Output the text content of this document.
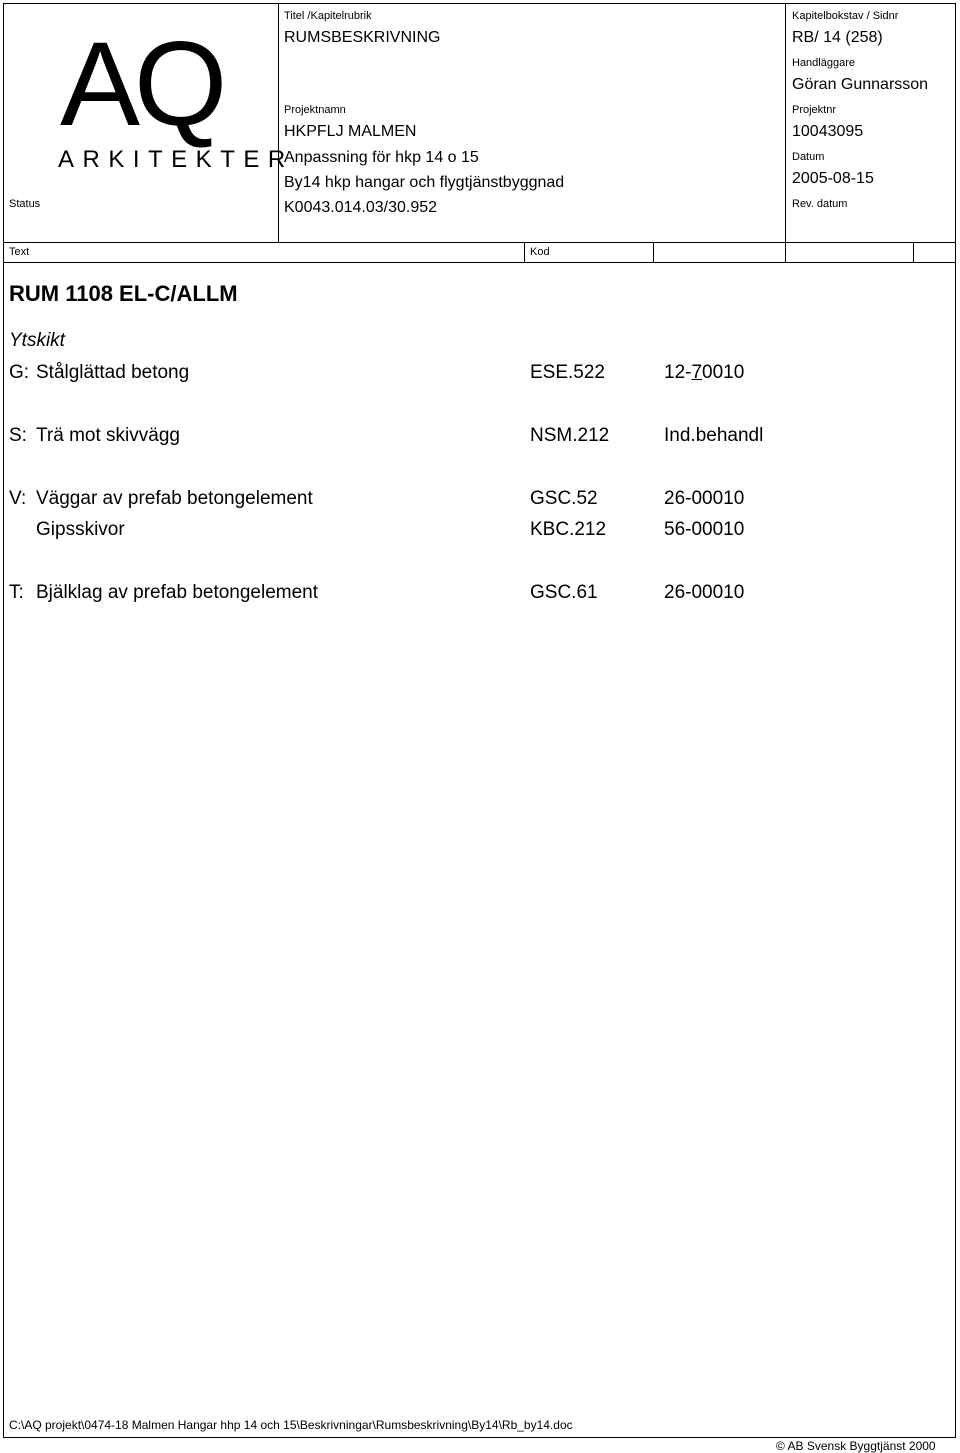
AQ
ARKITEKTER
Status
Titel /Kapitelrubrik
RUMSBESKRIVNING
Projektnamn
HKPFLJ MALMEN
Anpassning för hkp 14 o 15
By14 hkp hangar och flygtjänstbyggnad
K0043.014.03/30.952
Kapitelbokstav / Sidnr
RB/ 14 (258)
Handläggare
Göran Gunnarsson
Projektnr
10043095
Datum
2005-08-15
Rev. datum
Text	Kod
RUM 1108 EL-C/ALLM
Ytskikt
G: Stålglättad betong	ESE.522	12-70010
S: Trä mot skivvägg	NSM.212	Ind.behandl
V: Väggar av prefab betongelement	GSC.52	26-00010
Gipsskivor	KBC.212	56-00010
T: Bjälklag av prefab betongelement	GSC.61	26-00010
C:\AQ projekt\0474-18 Malmen Hangar hhp 14 och 15\Beskrivningar\Rumsbeskrivning\By14\Rb_by14.doc
© AB Svensk Byggtjänst 2000
